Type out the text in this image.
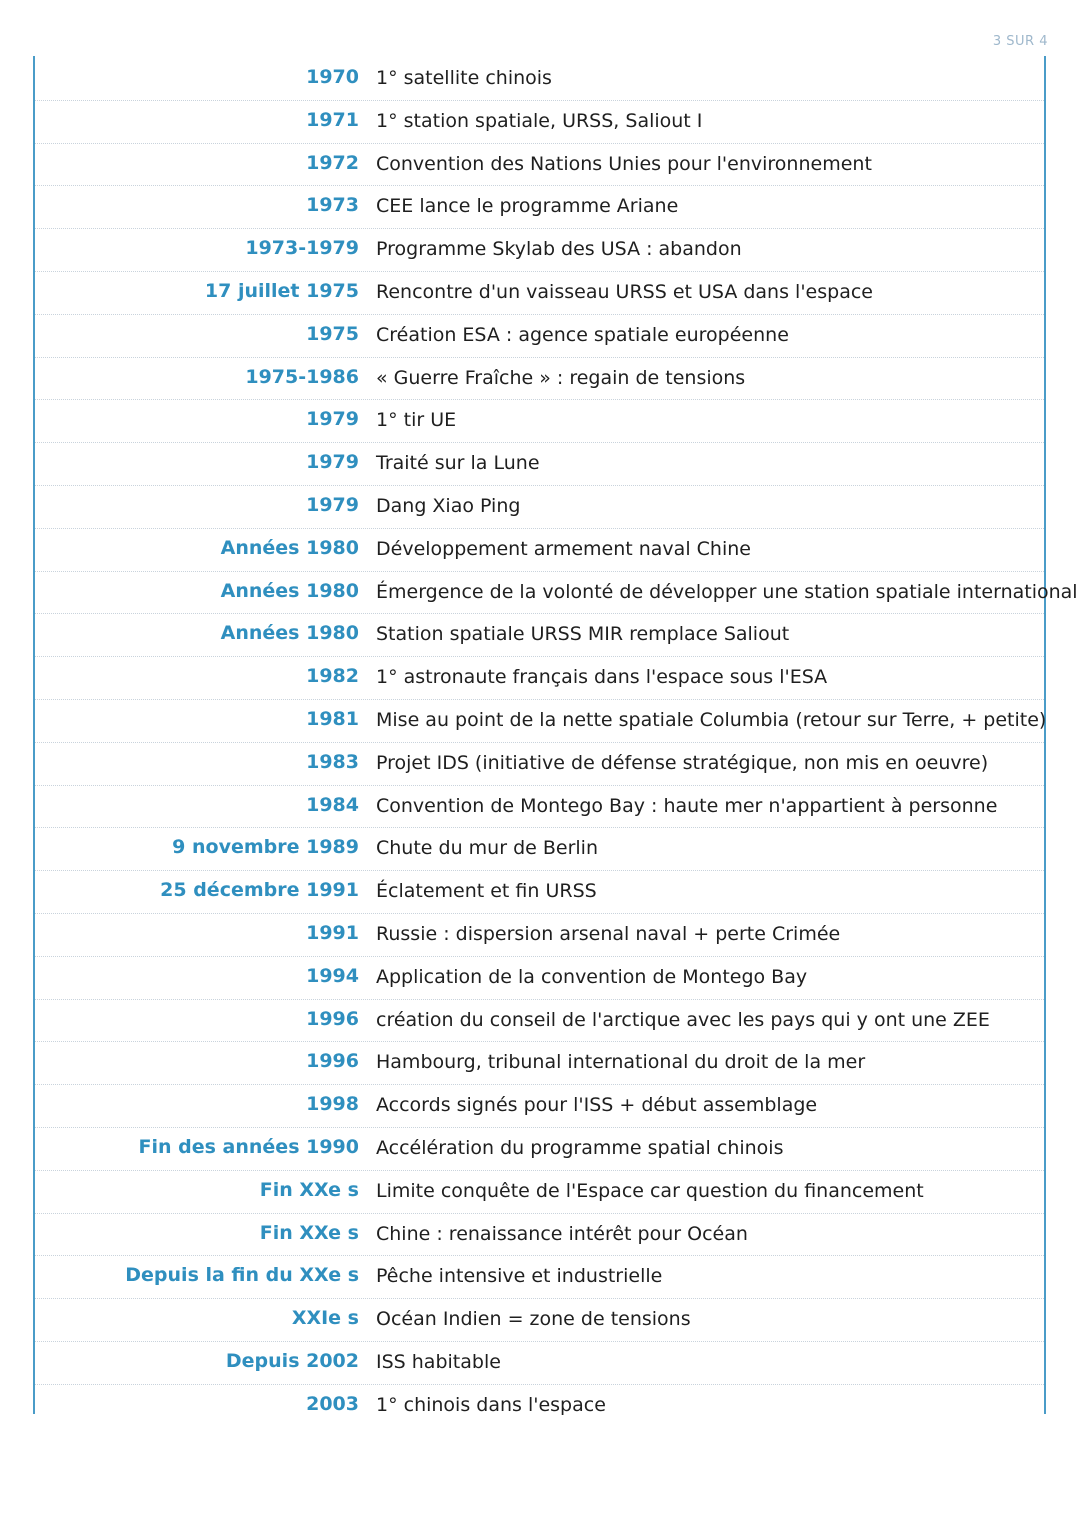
3 SUR 4
1970 1° satellite chinois
1971 1° station spatiale, URSS, Saliout I
1972 Convention des Nations Unies pour l'environnement
1973 CEE lance le programme Ariane
1973-1979 Programme Skylab des USA : abandon
17 juillet 1975 Rencontre d'un vaisseau URSS et USA dans l'espace
1975 Création ESA : agence spatiale européenne
1975-1986 « Guerre Fraîche » : regain de tensions
1979 1° tir UE
1979 Traité sur la Lune
1979 Dang Xiao Ping
Années 1980 Développement armement naval Chine
Années 1980 Émergence de la volonté de développer une station spatiale international
Années 1980 Station spatiale URSS MIR remplace Saliout
1982 1° astronaute français dans l'espace sous l'ESA
1981 Mise au point de la nette spatiale Columbia (retour sur Terre, + petite)
1983 Projet IDS (initiative de défense stratégique, non mis en oeuvre)
1984 Convention de Montego Bay : haute mer n'appartient à personne
9 novembre 1989 Chute du mur de Berlin
25 décembre 1991 Éclatement et fin URSS
1991 Russie : dispersion arsenal naval + perte Crimée
1994 Application de la convention de Montego Bay
1996 création du conseil de l'arctique avec les pays qui y ont une ZEE
1996 Hambourg, tribunal international du droit de la mer
1998 Accords signés pour l'ISS + début assemblage
Fin des années 1990 Accélération du programme spatial chinois
Fin XXe s Limite conquête de l'Espace car question du financement
Fin XXe s Chine : renaissance intérêt pour Océan
Depuis la fin du XXe s Pêche intensive et industrielle
XXIe s Océan Indien = zone de tensions
Depuis 2002 ISS habitable
2003 1° chinois dans l'espace
